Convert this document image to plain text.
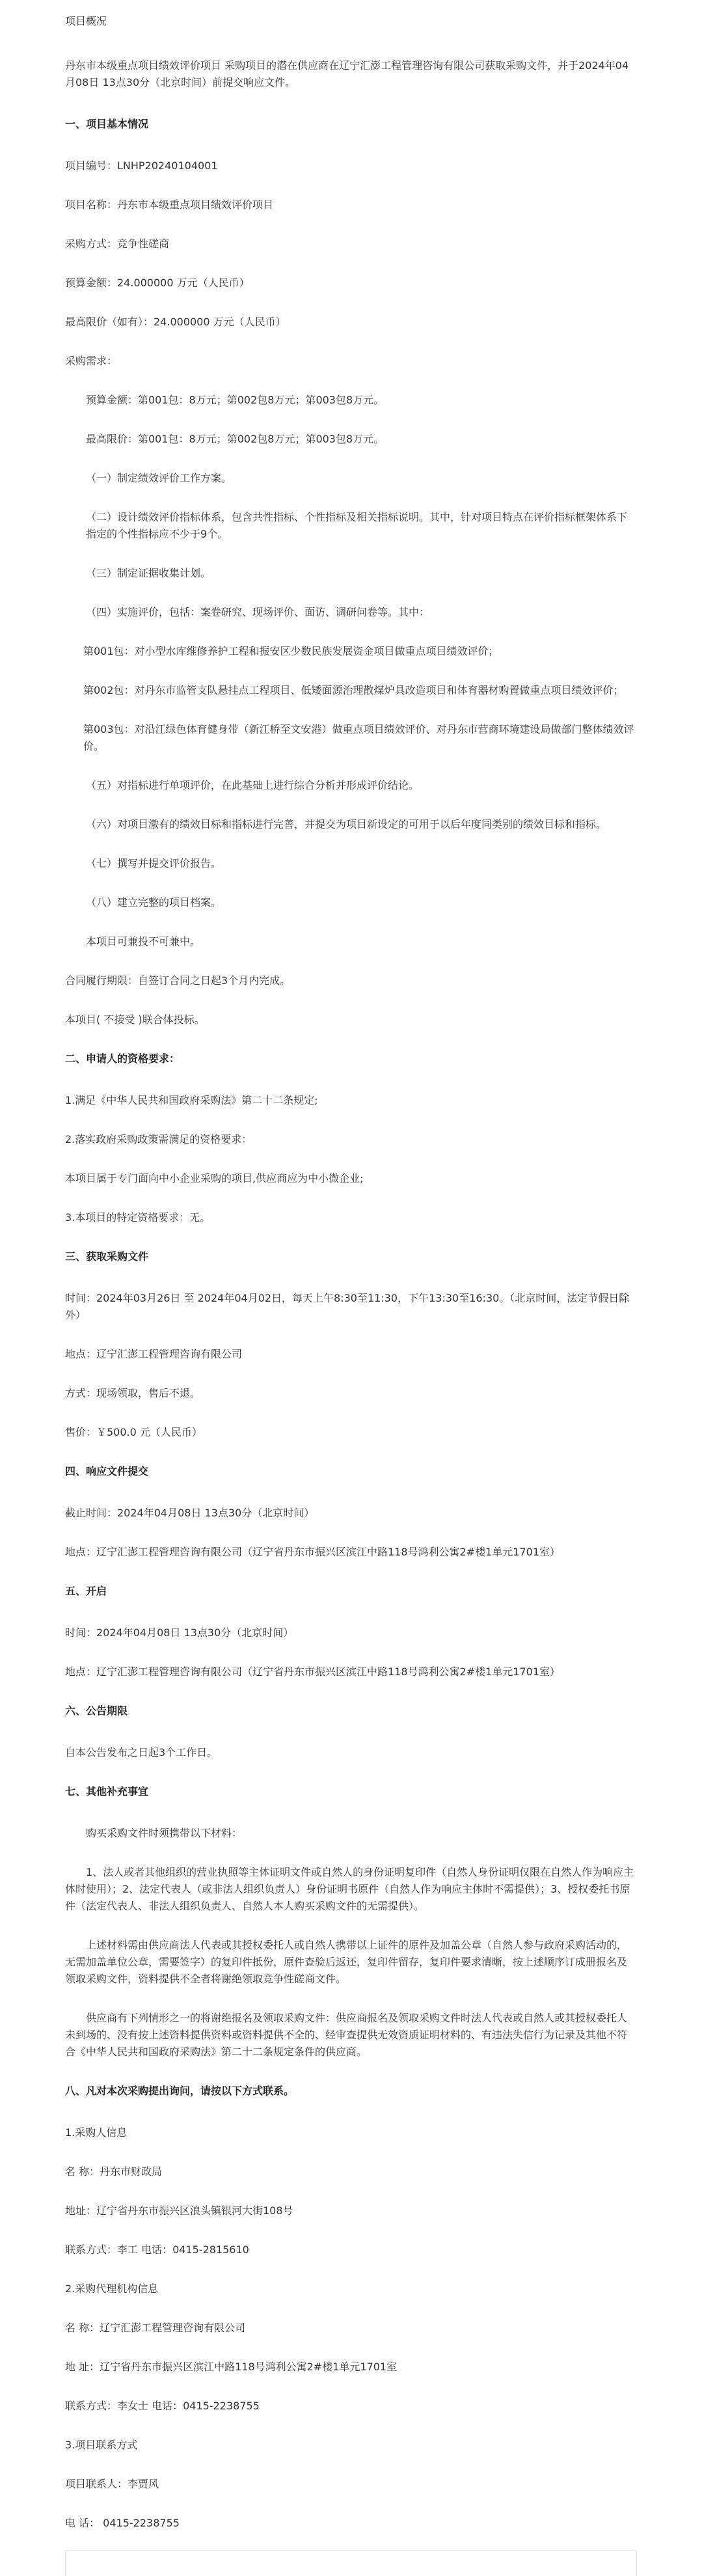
项目概况

丹东市本级重点项目绩效评价项目 采购项目的潜在供应商在辽宁汇澎工程管理咨询有限公司获取采购文件，并于2024年04月08日 13点30分（北京时间）前提交响应文件。

一、项目基本情况

项目编号：LNHP20240104001

项目名称：丹东市本级重点项目绩效评价项目

采购方式：竞争性磋商

预算金额：24.000000 万元（人民币）

最高限价（如有）：24.000000 万元（人民币）

采购需求：

预算金额：第001包：8万元；第002包8万元；第003包8万元。

最高限价：第001包：8万元；第002包8万元；第003包8万元。

（一）制定绩效评价工作方案。

（二）设计绩效评价指标体系，包含共性指标、个性指标及相关指标说明。其中，针对项目特点在评价指标框架体系下指定的个性指标应不少于9个。

（三）制定证据收集计划。

（四）实施评价，包括：案卷研究、现场评价、面访、调研问卷等。其中：

第001包：对小型水库维修养护工程和振安区少数民族发展资金项目做重点项目绩效评价；

第002包：对丹东市监管支队悬挂点工程项目、低矮面源治理散煤炉具改造项目和体育器材购置做重点项目绩效评价；

第003包：对沿江绿色体育健身带（新江桥至文安港）做重点项目绩效评价、对丹东市营商环境建设局做部门整体绩效评价。

（五）对指标进行单项评价，在此基础上进行综合分析并形成评价结论。

（六）对项目激有的绩效目标和指标进行完善，并提交为项目新设定的可用于以后年度同类别的绩效目标和指标。

（七）撰写并提交评价报告。

（八）建立完整的项目档案。

本项目可兼投不可兼中。

合同履行期限：自签订合同之日起3个月内完成。

本项目( 不接受 )联合体投标。

二、申请人的资格要求：

1.满足《中华人民共和国政府采购法》第二十二条规定;

2.落实政府采购政策需满足的资格要求：

本项目属于专门面向中小企业采购的项目,供应商应为中小微企业;

3.本项目的特定资格要求：无。

三、获取采购文件

时间：2024年03月26日 至 2024年04月02日，每天上午8:30至11:30，下午13:30至16:30。（北京时间，法定节假日除外）

地点：辽宁汇澎工程管理咨询有限公司

方式：现场领取，售后不退。

售价：￥500.0 元（人民币）

四、响应文件提交

截止时间：2024年04月08日 13点30分（北京时间）

地点：辽宁汇澎工程管理咨询有限公司（辽宁省丹东市振兴区滨江中路118号鸿利公寓2#楼1单元1701室）

五、开启

时间：2024年04月08日 13点30分（北京时间）

地点：辽宁汇澎工程管理咨询有限公司（辽宁省丹东市振兴区滨江中路118号鸿利公寓2#楼1单元1701室）

六、公告期限

自本公告发布之日起3个工作日。

七、其他补充事宜

购买采购文件时须携带以下材料：

1、法人或者其他组织的营业执照等主体证明文件或自然人的身份证明复印件（自然人身份证明仅限在自然人作为响应主体时使用）；2、法定代表人（或非法人组织负责人）身份证明书原件（自然人作为响应主体时不需提供）；3、授权委托书原件（法定代表人、非法人组织负责人、自然人本人购买采购文件的无需提供）。

上述材料需由供应商法人代表或其授权委托人或自然人携带以上证件的原件及加盖公章（自然人参与政府采购活动的，无需加盖单位公章，需要签字）的复印件抵份，原件查验后返还，复印件留存，复印件要求清晰，按上述顺序订成册报名及领取采购文件，资料提供不全者将谢绝领取竞争性磋商文件。

供应商有下列情形之一的将谢绝报名及领取采购文件：供应商报名及领取采购文件时法人代表或自然人或其授权委托人未到场的、没有按上述资料提供资料或资料提供不全的、经审查提供无效资质证明材料的、有违法失信行为记录及其他不符合《中华人民共和国政府采购法》第二十二条规定条件的供应商。

八、凡对本次采购提出询问，请按以下方式联系。

1.采购人信息

名 称：丹东市财政局

地址：辽宁省丹东市振兴区浪头镇银河大街108号

联系方式：李工 电话：0415-2815610

2.采购代理机构信息

名 称：辽宁汇澎工程管理咨询有限公司

地 址：辽宁省丹东市振兴区滨江中路118号鸿利公寓2#楼1单元1701室

联系方式：李女士 电话：0415-2238755

3.项目联系方式

项目联系人：李贾风

电 话： 0415-2238755
